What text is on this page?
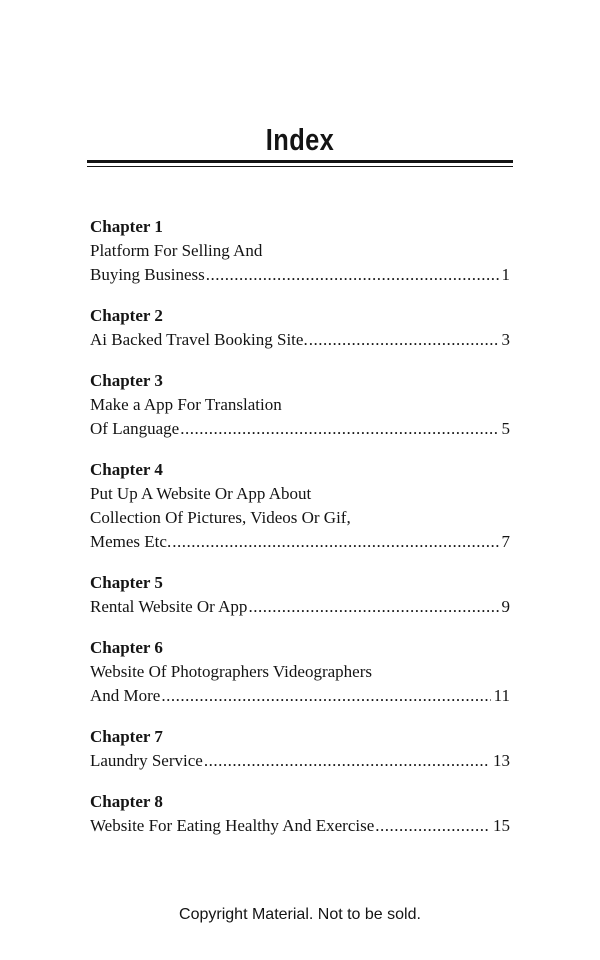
Index
Chapter 1
Platform For Selling And
Buying Business .....	1
Chapter 2
Ai Backed Travel Booking Site. .....	3
Chapter 3
Make a App For Translation
Of Language .....	5
Chapter 4
Put Up A Website Or App About
Collection Of Pictures, Videos Or Gif,
Memes Etc. .....	7
Chapter 5
Rental Website Or App .....	9
Chapter 6
Website Of Photographers Videographers
And More .....	11
Chapter 7
Laundry Service .....	13
Chapter 8
Website For Eating Healthy And Exercise .....	15
Copyright Material. Not to be sold.
